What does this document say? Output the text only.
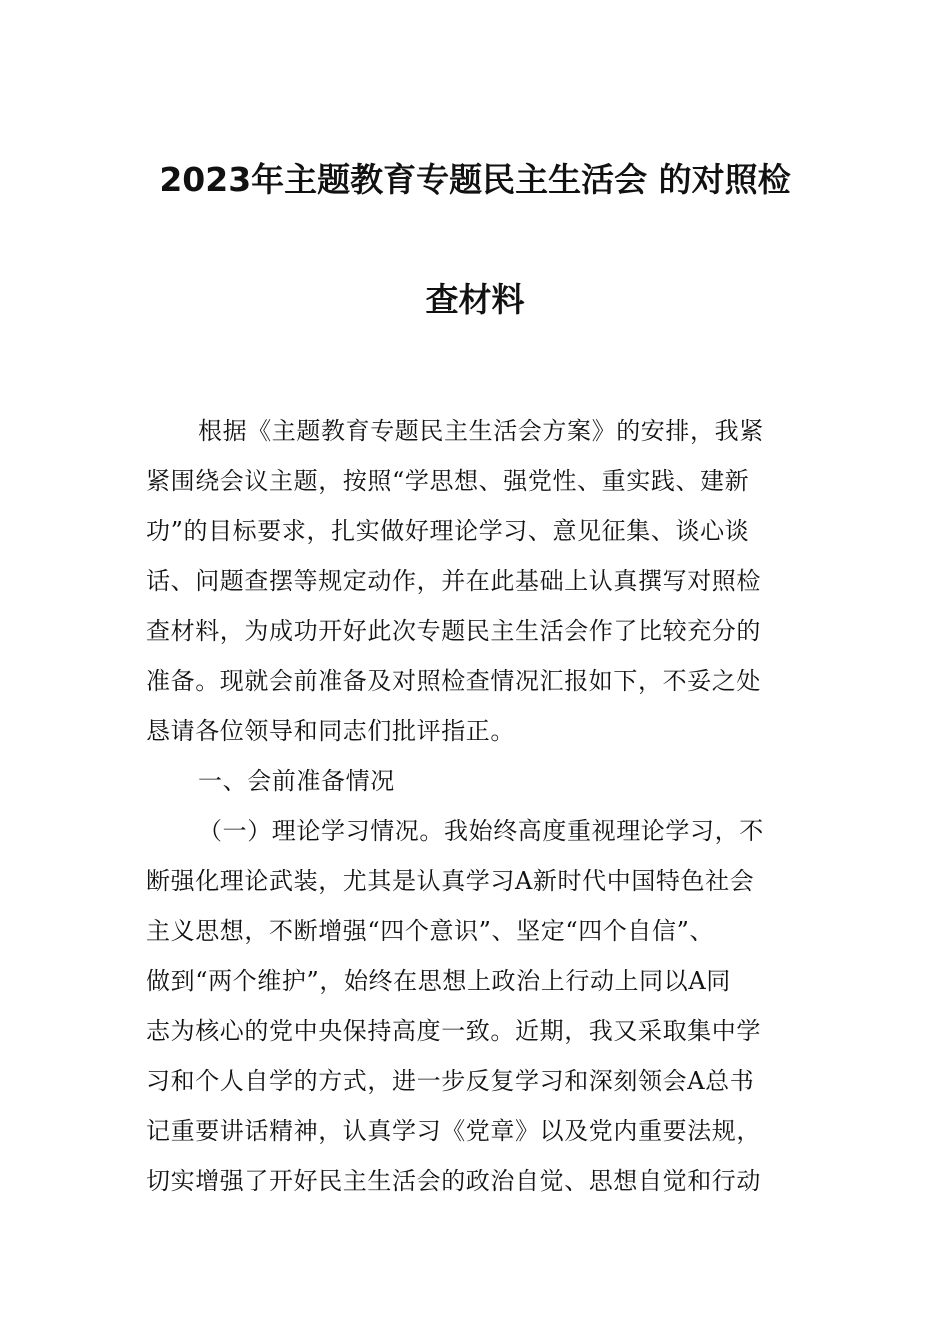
2023年主题教育专题民主生活会 的对照检
查材料
根据《主题教育专题民主生活会方案》的安排，我紧
紧围绕会议主题，按照“学思想、强党性、重实践、建新
功”的目标要求，扎实做好理论学习、意见征集、谈心谈
话、问题查摆等规定动作，并在此基础上认真撰写对照检
查材料，为成功开好此次专题民主生活会作了比较充分的
准备。现就会前准备及对照检查情况汇报如下，不妥之处
恳请各位领导和同志们批评指正。
一、会前准备情况
（一）理论学习情况。我始终高度重视理论学习，不
断强化理论武装，尤其是认真学习A新时代中国特色社会
主义思想，不断增强“四个意识”、坚定“四个自信”、
做到“两个维护”，始终在思想上政治上行动上同以A同
志为核心的党中央保持高度一致。近期，我又采取集中学
习和个人自学的方式，进一步反复学习和深刻领会A总书
记重要讲话精神，认真学习《党章》以及党内重要法规，
切实增强了开好民主生活会的政治自觉、思想自觉和行动
